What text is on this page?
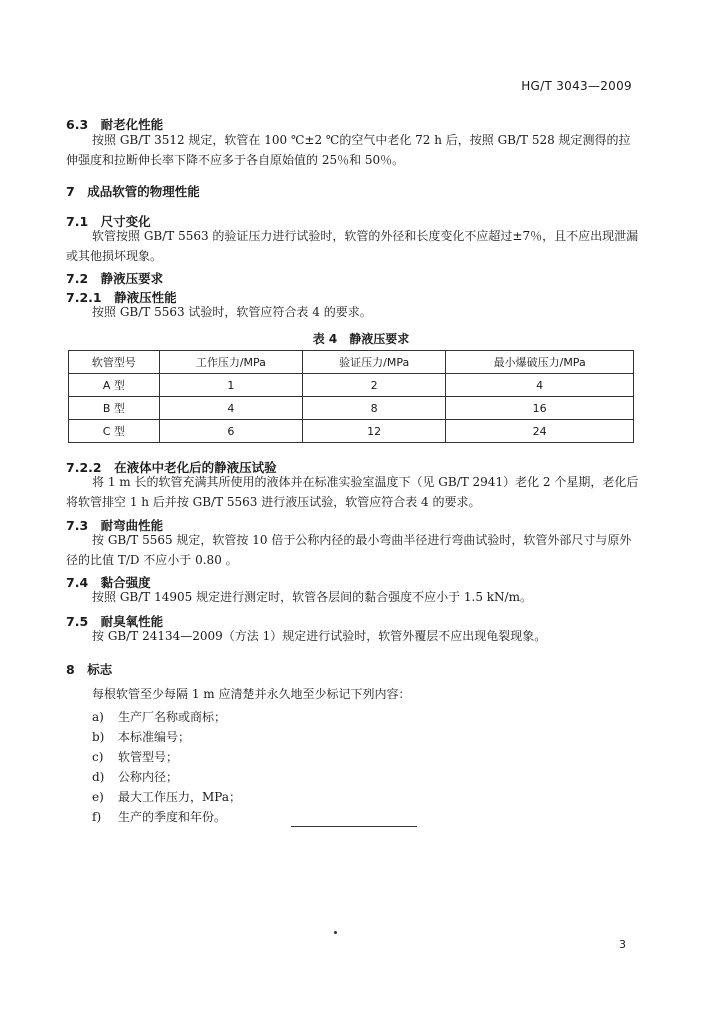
HG/T 3043—2009
6.3　耐老化性能
按照 GB/T 3512 规定，软管在 100 ℃±2 ℃的空气中老化 72 h 后，按照 GB/T 528 规定测得的拉伸强度和拉断伸长率下降不应多于各自原始值的 25％和 50％。
7　成品软管的物理性能
7.1　尺寸变化
软管按照 GB/T 5563 的验证压力进行试验时，软管的外径和长度变化不应超过±7％，且不应出现泄漏或其他损坏现象。
7.2　静液压要求
7.2.1　静液压性能
按照 GB/T 5563 试验时，软管应符合表 4 的要求。
表 4　静液压要求
软管型号	工作压力/MPa	验证压力/MPa	最小爆破压力/MPa
A 型	1	2	4
B 型	4	8	16
C 型	6	12	24
7.2.2　在液体中老化后的静液压试验
将 1 m 长的软管充满其所使用的液体并在标准实验室温度下（见 GB/T 2941）老化 2 个星期，老化后将软管排空 1 h 后并按 GB/T 5563 进行液压试验，软管应符合表 4 的要求。
7.3　耐弯曲性能
按 GB/T 5565 规定，软管按 10 倍于公称内径的最小弯曲半径进行弯曲试验时，软管外部尺寸与原外径的比值 T/D 不应小于 0.80 。
7.4　黏合强度
按照 GB/T 14905 规定进行测定时，软管各层间的黏合强度不应小于 1.5 kN/m。
7.5　耐臭氧性能
按 GB/T 24134—2009（方法 1）规定进行试验时，软管外覆层不应出现龟裂现象。
8　标志
每根软管至少每隔 1 m 应清楚并永久地至少标记下列内容：
a) 生产厂名称或商标；
b) 本标准编号；
c) 软管型号；
d) 公称内径；
e) 最大工作压力，MPa；
f) 生产的季度和年份。
3
